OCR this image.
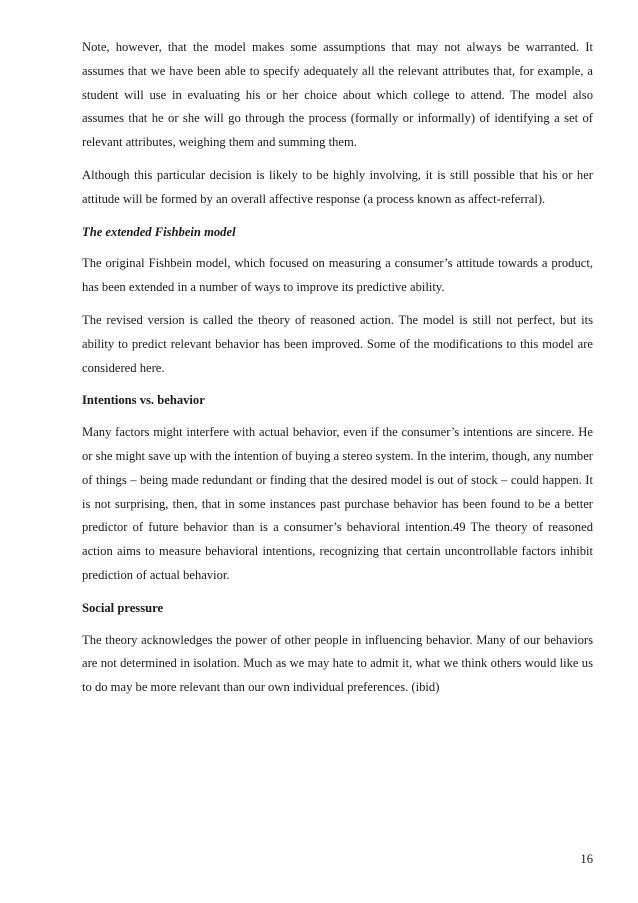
Note, however, that the model makes some assumptions that may not always be warranted. It assumes that we have been able to specify adequately all the relevant attributes that, for example, a student will use in evaluating his or her choice about which college to attend. The model also assumes that he or she will go through the process (formally or informally) of identifying a set of relevant attributes, weighing them and summing them.

Although this particular decision is likely to be highly involving, it is still possible that his or her attitude will be formed by an overall affective response (a process known as affect-referral).

The extended Fishbein model

The original Fishbein model, which focused on measuring a consumer’s attitude towards a product, has been extended in a number of ways to improve its predictive ability.

The revised version is called the theory of reasoned action. The model is still not perfect, but its ability to predict relevant behavior has been improved. Some of the modifications to this model are considered here.

Intentions vs. behavior

Many factors might interfere with actual behavior, even if the consumer’s intentions are sincere. He or she might save up with the intention of buying a stereo system. In the interim, though, any number of things – being made redundant or finding that the desired model is out of stock – could happen. It is not surprising, then, that in some instances past purchase behavior has been found to be a better predictor of future behavior than is a consumer’s behavioral intention.49 The theory of reasoned action aims to measure behavioral intentions, recognizing that certain uncontrollable factors inhibit prediction of actual behavior.

Social pressure

The theory acknowledges the power of other people in influencing behavior. Many of our behaviors are not determined in isolation. Much as we may hate to admit it, what we think others would like us to do may be more relevant than our own individual preferences. (ibid)

16
